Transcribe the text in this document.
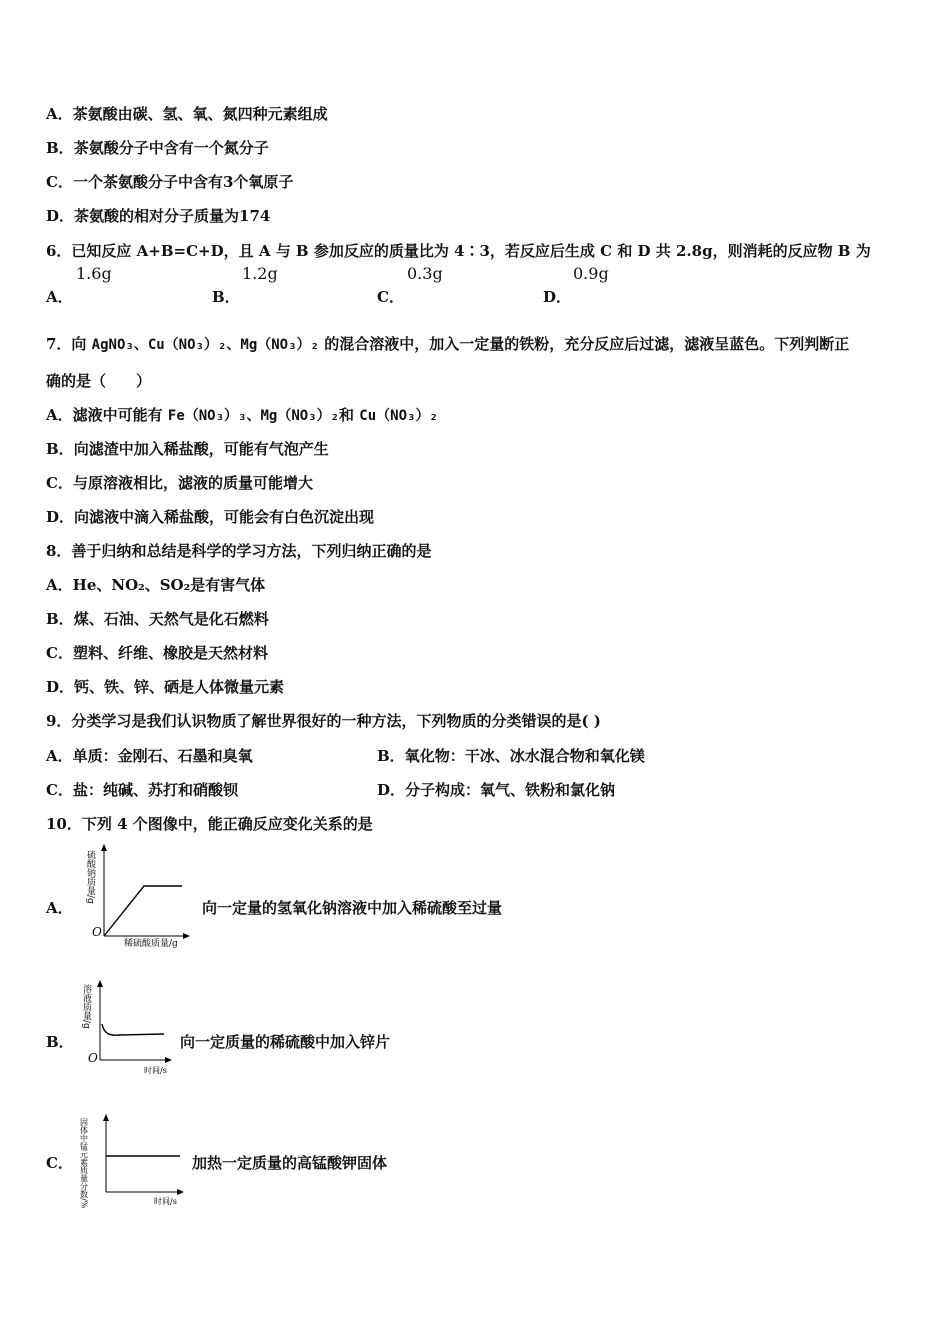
A．茶氨酸由碳、氢、氧、氮四种元素组成
B．茶氨酸分子中含有一个氮分子
C．一个茶氨酸分子中含有3个氧原子
D．茶氨酸的相对分子质量为174
6．已知反应 A+B=C+D，且 A 与 B 参加反应的质量比为 4∶3，若反应后生成 C 和 D 共 2.8g，则消耗的反应物 B 为
A．
1.6g
B．
1.2g
C．
0.3g
D．
0.9g
7．向 AgNO₃、Cu（NO₃）₂、Mg（NO₃）₂ 的混合溶液中，加入一定量的铁粉，充分反应后过滤，滤液呈蓝色。下列判断正
确的是（　　）
A．滤液中可能有 Fe（NO₃）₃、Mg（NO₃）₂和 Cu（NO₃）₂
B．向滤渣中加入稀盐酸，可能有气泡产生
C．与原溶液相比，滤液的质量可能增大
D．向滤液中滴入稀盐酸，可能会有白色沉淀出现
8．善于归纳和总结是科学的学习方法，下列归纳正确的是
A．He、NO₂、SO₂是有害气体
B．煤、石油、天然气是化石燃料
C．塑料、纤维、橡胶是天然材料
D．钙、铁、锌、硒是人体微量元素
9．分类学习是我们认识物质了解世界很好的一种方法，下列物质的分类错误的是( )
A．单质：金刚石、石墨和臭氧	B．氧化物：干冰、冰水混合物和氧化镁
C．盐：纯碱、苏打和硝酸钡	D．分子构成：氧气、铁粉和氯化钠
10．下列 4 个图像中，能正确反应变化关系的是
A．
硫酸钠质量/g
O
稀硫酸质量/g
向一定量的氢氧化钠溶液中加入稀硫酸至过量
B．
溶液质量/g
O
时间/s
向一定质量的稀硫酸中加入锌片
C． 固体中锰元素质量分数/%	时间/s
加热一定质量的高锰酸钾固体
